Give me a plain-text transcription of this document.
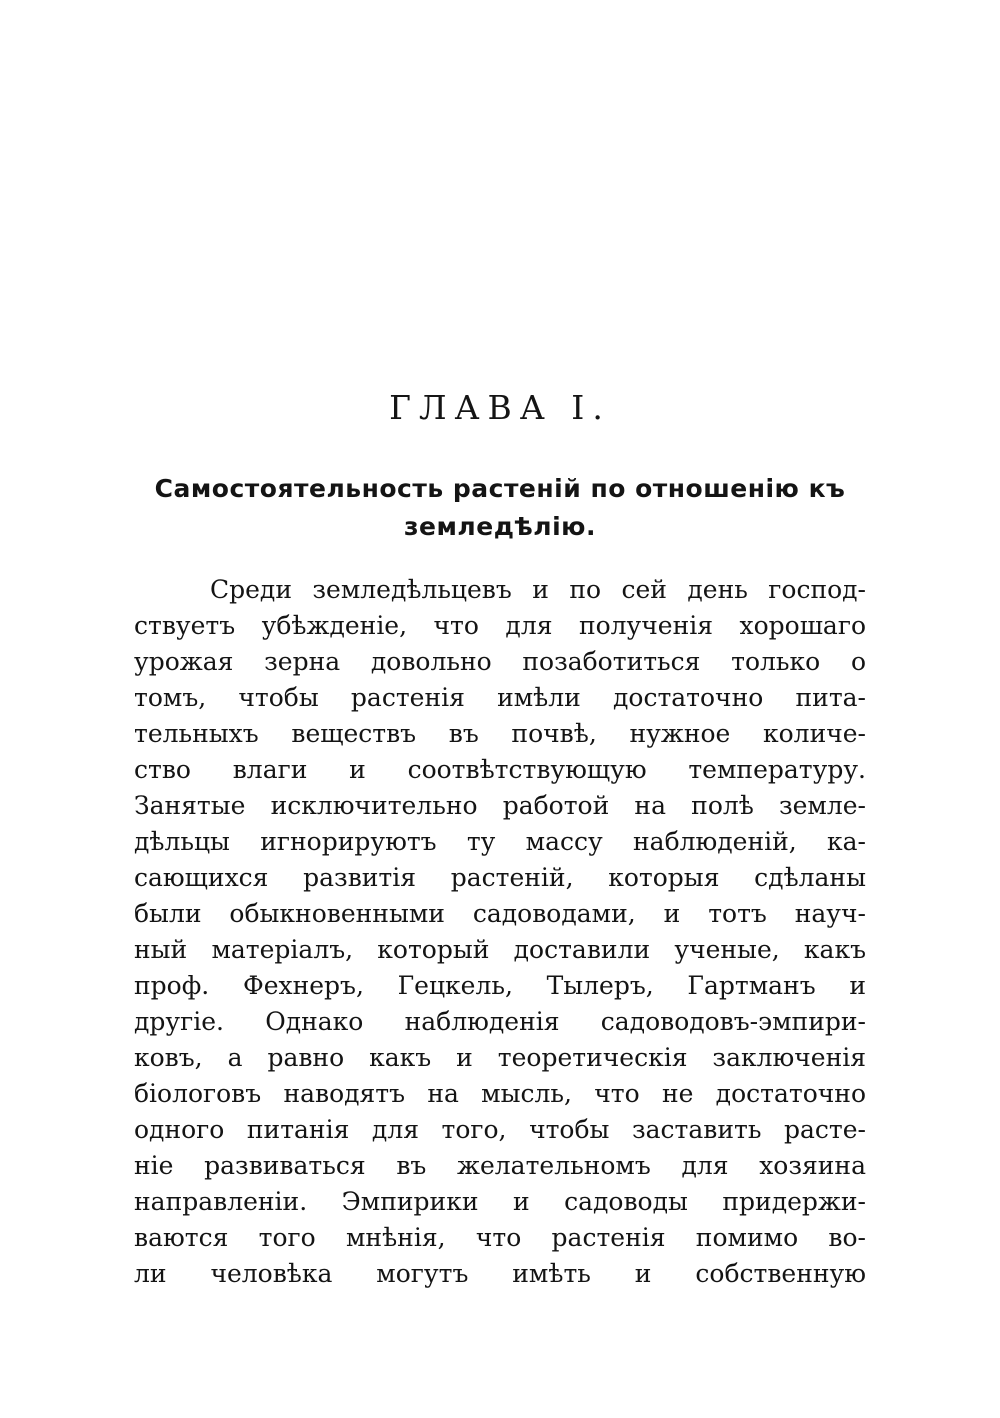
ГЛАВА I.
Самостоятельность растеній по отношенію къ земледѣлію.
Среди земледѣльцевъ и по сей день господ-
ствуетъ убѣжденіе, что для полученія хорошаго
урожая зерна довольно позаботиться только о
томъ, чтобы растенія имѣли достаточно пита-
тельныхъ веществъ въ почвѣ, нужное количе-
ство влаги и соотвѣтствующую температуру.
Занятые исключительно работой на полѣ земле-
дѣльцы игнорируютъ ту массу наблюденій, ка-
сающихся развитія растеній, которыя сдѣланы
были обыкновенными садоводами, и тотъ науч-
ный матеріалъ, который доставили ученые, какъ
проф. Фехнеръ, Гецкель, Тылеръ, Гартманъ и
другіе. Однако наблюденія садоводовъ-эмпири-
ковъ, а равно какъ и теоретическія заключенія
біологовъ наводятъ на мысль, что не достаточно
одного питанія для того, чтобы заставить расте-
ніе развиваться въ желательномъ для хозяина
направленіи. Эмпирики и садоводы придержи-
ваются того мнѣнія, что растенія помимо во-
ли человѣка могутъ имѣть и собственную
